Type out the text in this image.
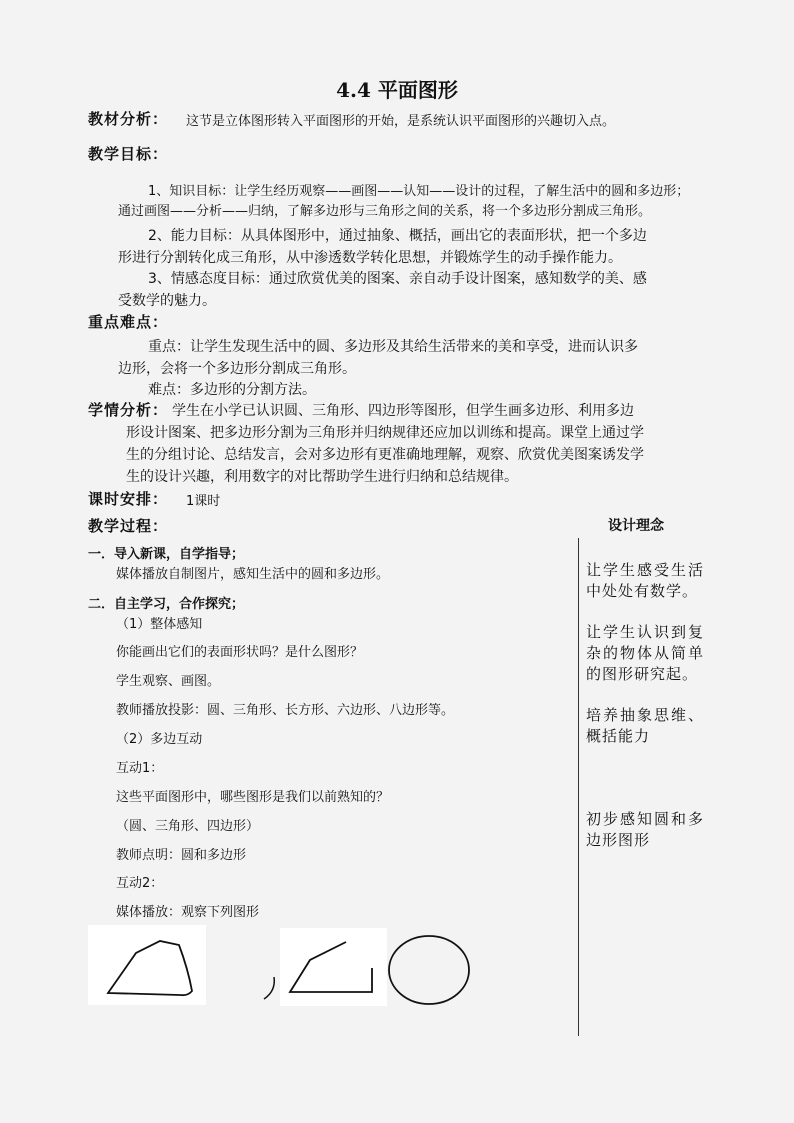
4.4 平面图形
教材分析： 这节是立体图形转入平面图形的开始，是系统认识平面图形的兴趣切入点。
教学目标：
1、知识目标：让学生经历观察——画图——认知——设计的过程，了解生活中的圆和多边形；
通过画图——分析——归纳，了解多边形与三角形之间的关系，将一个多边形分割成三角形。
2、能力目标：从具体图形中，通过抽象、概括，画出它的表面形状，把一个多边
形进行分割转化成三角形，从中渗透数学转化思想，并锻炼学生的动手操作能力。
3、情感态度目标：通过欣赏优美的图案、亲自动手设计图案，感知数学的美、感
受数学的魅力。
重点难点：
重点：让学生发现生活中的圆、多边形及其给生活带来的美和享受，进而认识多
边形，会将一个多边形分割成三角形。
难点：多边形的分割方法。
学情分析： 学生在小学已认识圆、三角形、四边形等图形，但学生画多边形、利用多边
形设计图案、把多边形分割为三角形并归纳规律还应加以训练和提高。课堂上通过学
生的分组讨论、总结发言，会对多边形有更准确地理解，观察、欣赏优美图案诱发学
生的设计兴趣，利用数字的对比帮助学生进行归纳和总结规律。
课时安排： 1课时
教学过程：	设计理念
一．导入新课，自学指导；
媒体播放自制图片，感知生活中的圆和多边形。
二．自主学习，合作探究；
（1）整体感知
你能画出它们的表面形状吗？是什么图形？
学生观察、画图。
教师播放投影：圆、三角形、长方形、六边形、八边形等。
（2）多边互动
互动1：
这些平面图形中，哪些图形是我们以前熟知的？
（圆、三角形、四边形）
教师点明：圆和多边形
互动2：
媒体播放：观察下列图形
让学生感受生活中处处有数学。
让学生认识到复杂的物体从简单的图形研究起。
培养抽象思维、概括能力
初步感知圆和多边形图形
